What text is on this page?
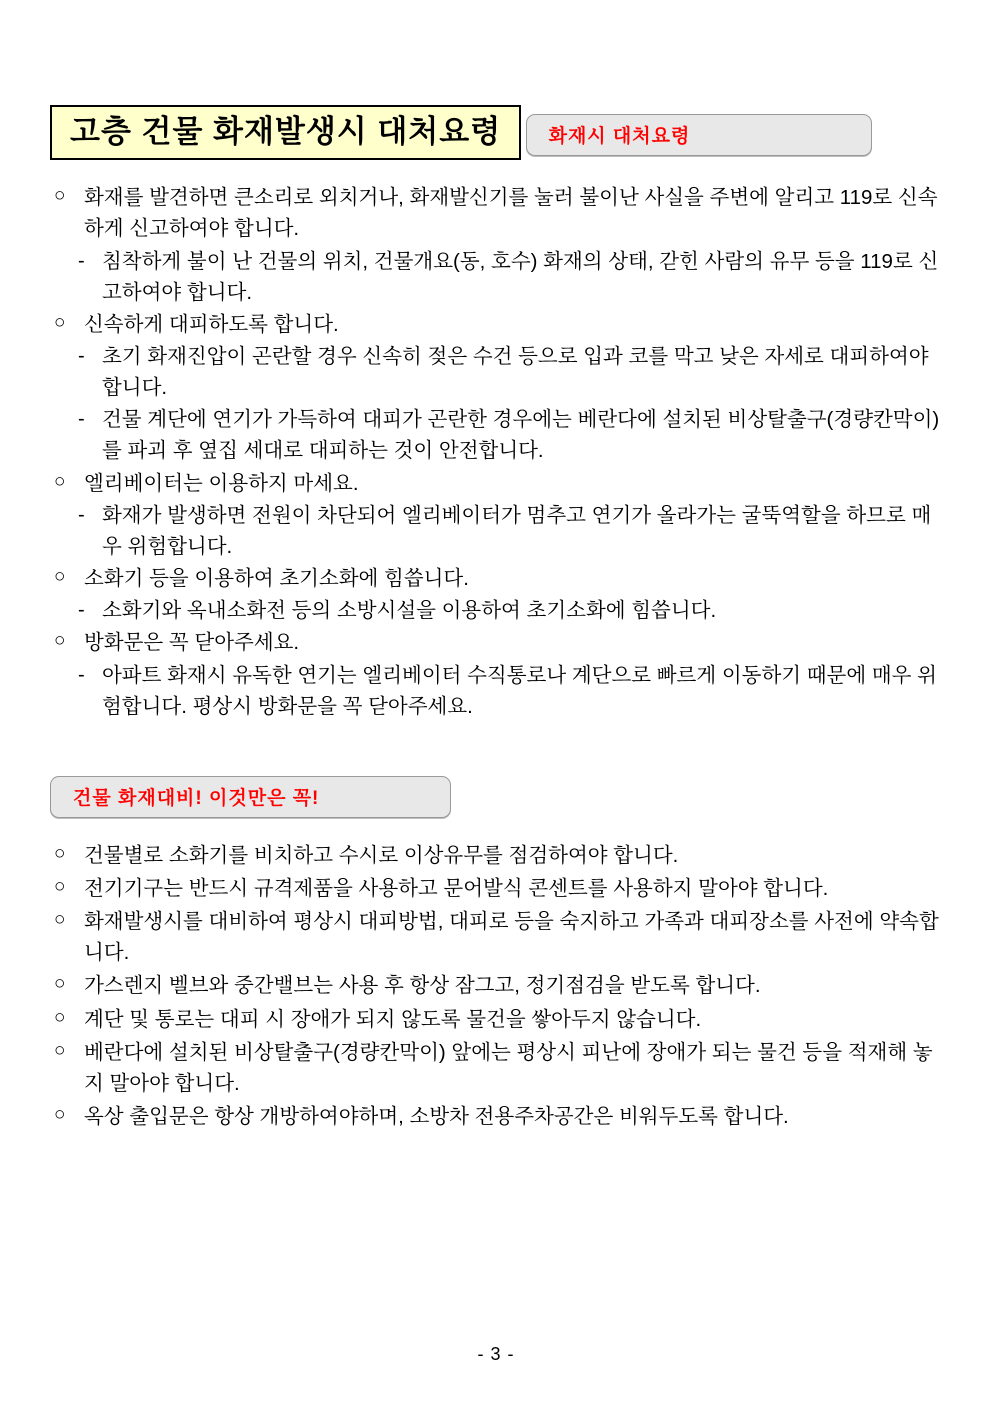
고층 건물 화재발생시 대처요령 화재시 대처요령
○ 화재를 발견하면 큰소리로 외치거나, 화재발신기를 눌러 불이난 사실을 주변에 알리고 119로 신속하게 신고하여야 합니다.
- 침착하게 불이 난 건물의 위치, 건물개요(동, 호수) 화재의 상태, 갇힌 사람의 유무 등을 119로 신고하여야 합니다.
○ 신속하게 대피하도록 합니다.
- 초기 화재진압이 곤란할 경우 신속히 젖은 수건 등으로 입과 코를 막고 낮은 자세로 대피하여야 합니다.
- 건물 계단에 연기가 가득하여 대피가 곤란한 경우에는 베란다에 설치된 비상탈출구(경량칸막이)를 파괴 후 옆집 세대로 대피하는 것이 안전합니다.
○ 엘리베이터는 이용하지 마세요.
- 화재가 발생하면 전원이 차단되어 엘리베이터가 멈추고 연기가 올라가는 굴뚝역할을 하므로 매우 위험합니다.
○ 소화기 등을 이용하여 초기소화에 힘씁니다.
- 소화기와 옥내소화전 등의 소방시설을 이용하여 초기소화에 힘씁니다.
○ 방화문은 꼭 닫아주세요.
- 아파트 화재시 유독한 연기는 엘리베이터 수직통로나 계단으로 빠르게 이동하기 때문에 매우 위험합니다. 평상시 방화문을 꼭 닫아주세요.
건물 화재대비! 이것만은 꼭!
○ 건물별로 소화기를 비치하고 수시로 이상유무를 점검하여야 합니다.
○ 전기기구는 반드시 규격제품을 사용하고 문어발식 콘센트를 사용하지 말아야 합니다.
○ 화재발생시를 대비하여 평상시 대피방법, 대피로 등을 숙지하고 가족과 대피장소를 사전에 약속합니다.
○ 가스렌지 벨브와 중간밸브는 사용 후 항상 잠그고, 정기점검을 받도록 합니다.
○ 계단 및 통로는 대피 시 장애가 되지 않도록 물건을 쌓아두지 않습니다.
○ 베란다에 설치된 비상탈출구(경량칸막이) 앞에는 평상시 피난에 장애가 되는 물건 등을 적재해 놓지 말아야 합니다.
○ 옥상 출입문은 항상 개방하여야하며, 소방차 전용주차공간은 비워두도록 합니다.
- 3 -
